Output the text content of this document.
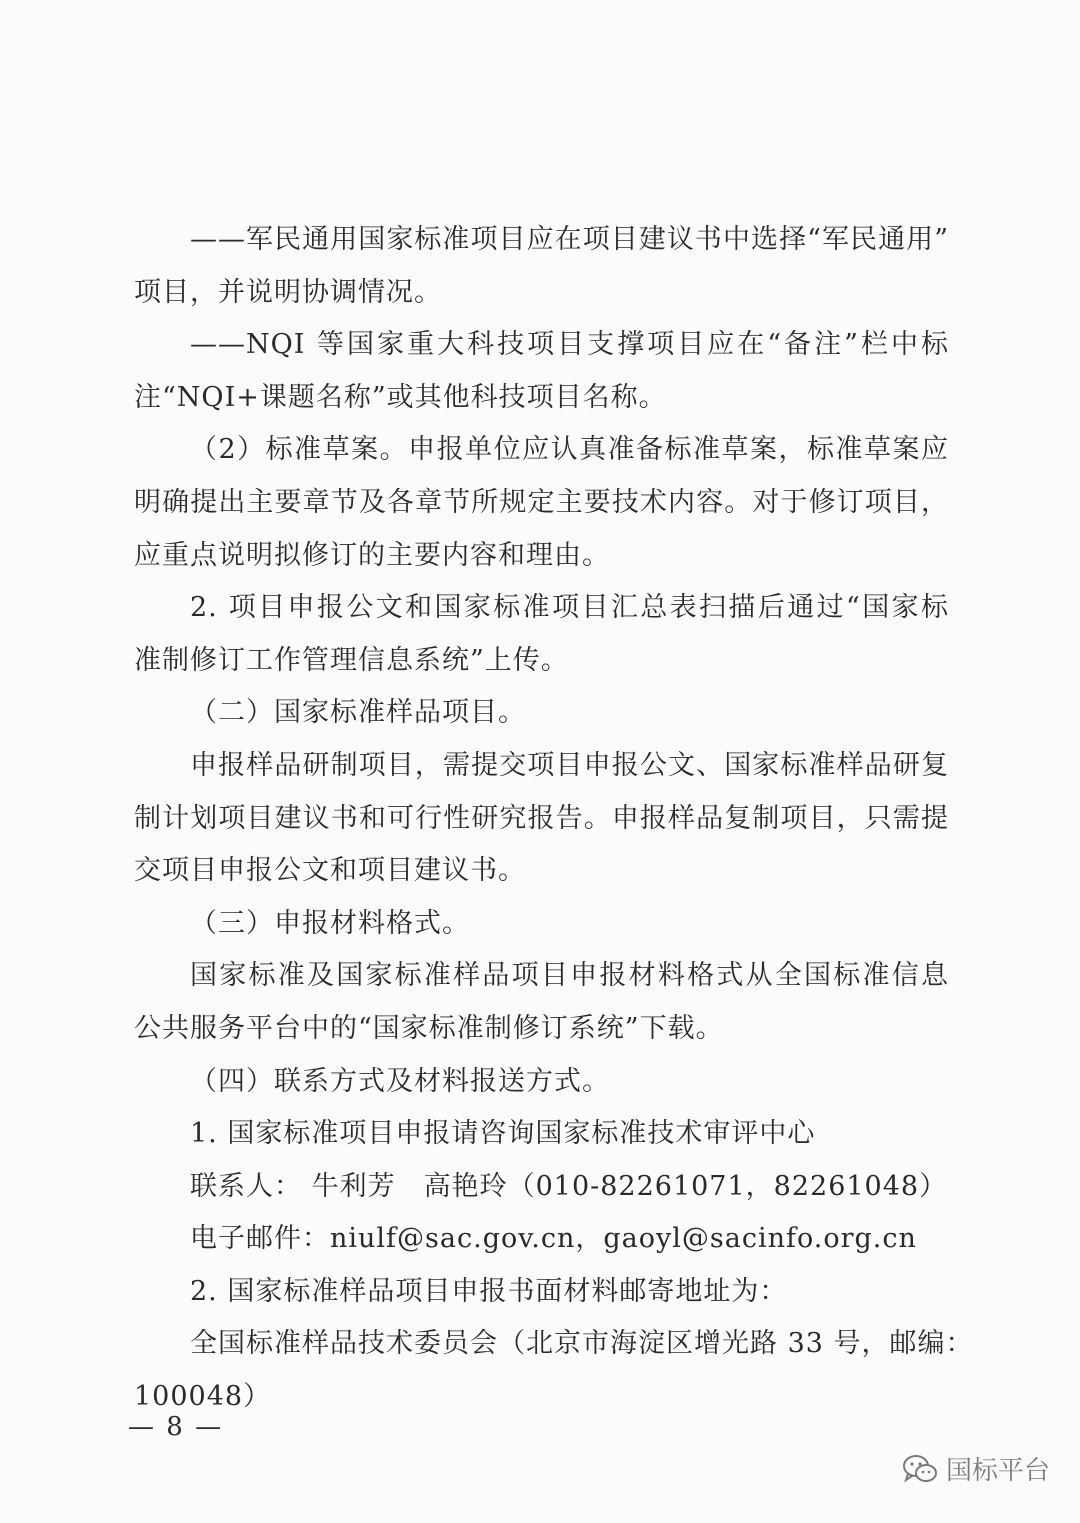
——军民通用国家标准项目应在项目建议书中选择“军民通用”
项目，并说明协调情况。
——NQI 等国家重大科技项目支撑项目应在“备注”栏中标
注“NQI+课题名称”或其他科技项目名称。
（2）标准草案。申报单位应认真准备标准草案，标准草案应
明确提出主要章节及各章节所规定主要技术内容。对于修订项目，
应重点说明拟修订的主要内容和理由。
2. 项目申报公文和国家标准项目汇总表扫描后通过“国家标
准制修订工作管理信息系统”上传。
（二）国家标准样品项目。
申报样品研制项目，需提交项目申报公文、国家标准样品研复
制计划项目建议书和可行性研究报告。申报样品复制项目，只需提
交项目申报公文和项目建议书。
（三）申报材料格式。
国家标准及国家标准样品项目申报材料格式从全国标准信息
公共服务平台中的“国家标准制修订系统”下载。
（四）联系方式及材料报送方式。
1. 国家标准项目申报请咨询国家标准技术审评中心
联系人： 牛利芳　高艳玲（010-82261071，82261048）
电子邮件：niulf@sac.gov.cn，gaoyl@sacinfo.org.cn
2. 国家标准样品项目申报书面材料邮寄地址为：
全国标准样品技术委员会（北京市海淀区增光路 33 号，邮编：
100048）
— 8 —
国标平台
